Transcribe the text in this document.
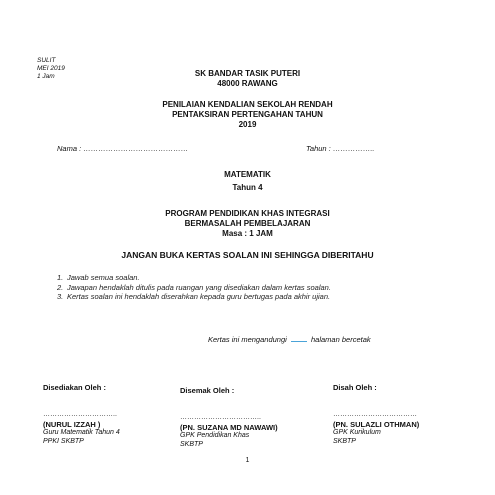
SULIT
MEI 2019
1 Jam	SK BANDAR TASIK PUTERI
48000 RAWANG
PENILAIAN KENDALIAN SEKOLAH RENDAH
PENTAKSIRAN PERTENGAHAN TAHUN
2019
Nama : ……………………………………	Tahun : ……………..
MATEMATIK
Tahun 4
PROGRAM PENDIDIKAN KHAS INTEGRASI
BERMASALAH PEMBELAJARAN
Masa : 1 JAM
JANGAN BUKA KERTAS SOALAN INI SEHINGGA DIBERITAHU
1. Jawab semua soalan.
2. Jawapan hendaklah ditulis pada ruangan yang disediakan dalam kertas soalan.
3. Kertas soalan ini hendaklah diserahkan kepada guru bertugas pada akhir ujian.
Kertas ini mengandungi	halaman bercetak
Disediakan Oleh :
…………………………..
(NURUL IZZAH )
Guru Matematik Tahun 4
PPKI SKBTP
Disemak Oleh :
……………………………..
(PN. SUZANA MD NAWAWI)
GPK Pendidikan Khas
SKBTP
Disah Oleh :
………………………………
(PN. SULAZLI OTHMAN)
GPK Kurikulum
SKBTP
1
